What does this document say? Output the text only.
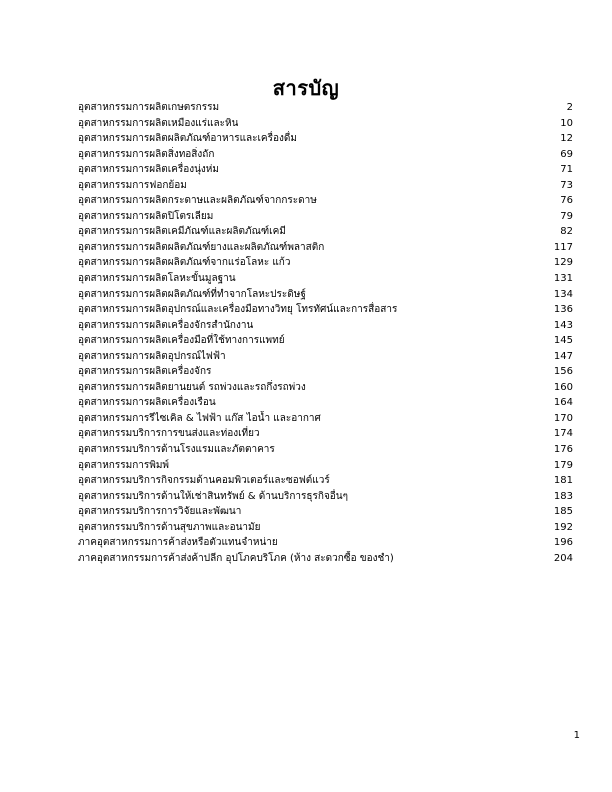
สารบัญ
อุตสาหกรรมการผลิตเกษตรกรรม	2
อุตสาหกรรมการผลิตเหมืองแร่และหิน	10
อุตสาหกรรมการผลิตผลิตภัณฑ์อาหารและเครื่องดื่ม	12
อุตสาหกรรมการผลิตสิ่งทอสิ่งถัก	69
อุตสาหกรรมการผลิตเครื่องนุ่งห่ม	71
อุตสาหกรรมการฟอกย้อม	73
อุตสาหกรรมการผลิตกระดาษและผลิตภัณฑ์จากกระดาษ	76
อุตสาหกรรมการผลิตปิโตรเลียม	79
อุตสาหกรรมการผลิตเคมีภัณฑ์และผลิตภัณฑ์เคมี	82
อุตสาหกรรมการผลิตผลิตภัณฑ์ยางและผลิตภัณฑ์พลาสติก	117
อุตสาหกรรมการผลิตผลิตภัณฑ์จากแร่อโลหะ แก้ว	129
อุตสาหกรรมการผลิตโลหะขั้นมูลฐาน	131
อุตสาหกรรมการผลิตผลิตภัณฑ์ที่ทำจากโลหะประดิษฐ์	134
อุตสาหกรรมการผลิตอุปกรณ์และเครื่องมือทางวิทยุ โทรทัศน์และการสื่อสาร	136
อุตสาหกรรมการผลิตเครื่องจักรสำนักงาน	143
อุตสาหกรรมการผลิตเครื่องมือที่ใช้ทางการแพทย์	145
อุตสาหกรรมการผลิตอุปกรณ์ไฟฟ้า	147
อุตสาหกรรมการผลิตเครื่องจักร	156
อุตสาหกรรมการผลิตยานยนต์ รถพ่วงและรถกึ่งรถพ่วง	160
อุตสาหกรรมการผลิตเครื่องเรือน	164
อุตสาหกรรมการรีไซเคิล & ไฟฟ้า แก๊ส ไอน้ำ และอากาศ	170
อุตสาหกรรมบริการการขนส่งและท่องเที่ยว	174
อุตสาหกรรมบริการด้านโรงแรมและภัตตาคาร	176
อุตสาหกรรมการพิมพ์	179
อุตสาหกรรมบริการกิจกรรมด้านคอมพิวเตอร์และซอฟต์แวร์	181
อุตสาหกรรมบริการด้านให้เช่าสินทรัพย์ & ด้านบริการธุรกิจอื่นๆ	183
อุตสาหกรรมบริการการวิจัยและพัฒนา	185
อุตสาหกรรมบริการด้านสุขภาพและอนามัย	192
ภาคอุตสาหกรรมการค้าส่งหรือตัวแทนจำหน่าย	196
ภาคอุตสาหกรรมการค้าส่งค้าปลีก อุปโภคบริโภค (ห้าง สะดวกซื้อ ของชำ)	204
1
